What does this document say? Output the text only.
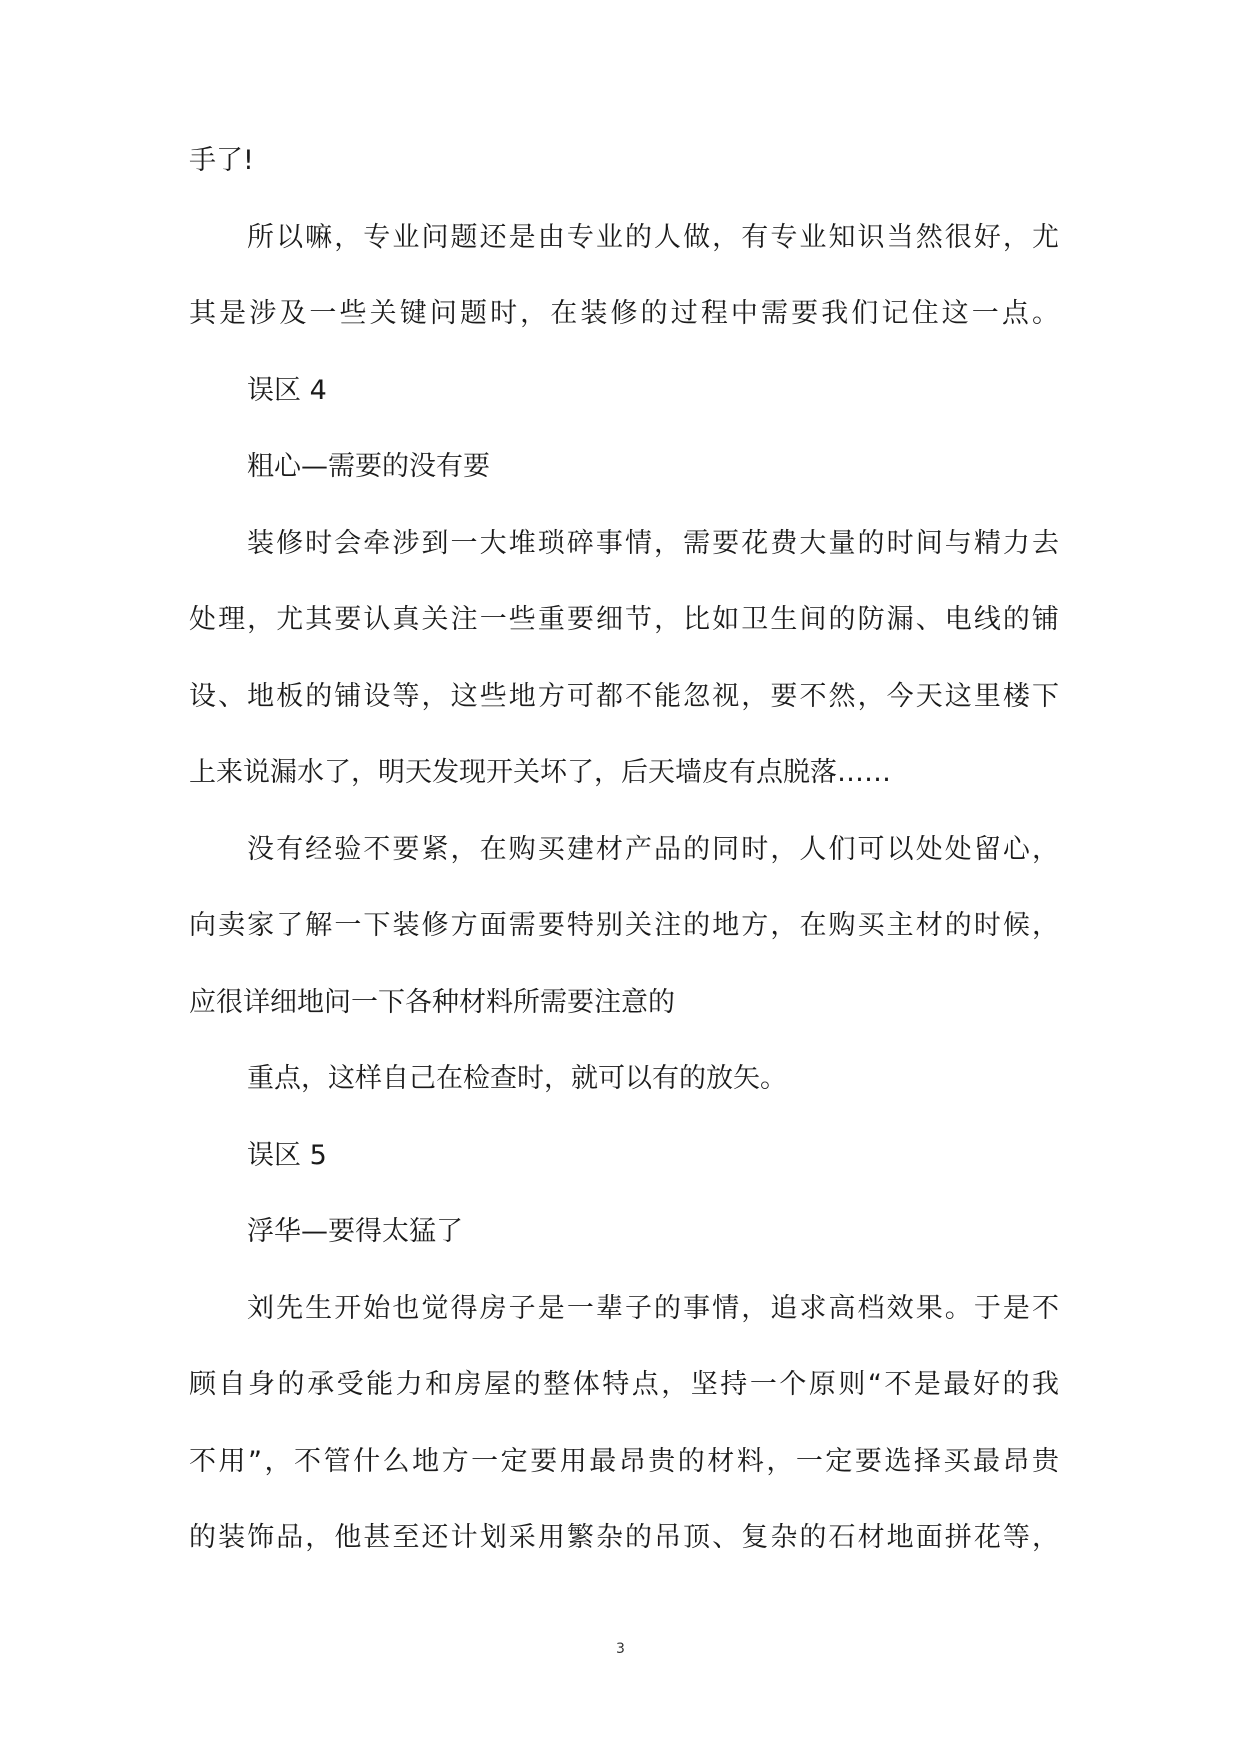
手了!
所以嘛，专业问题还是由专业的人做，有专业知识当然很好，尤
其是涉及一些关键问题时，在装修的过程中需要我们记住这一点。
误区 4
粗心—需要的没有要
装修时会牵涉到一大堆琐碎事情，需要花费大量的时间与精力去
处理，尤其要认真关注一些重要细节，比如卫生间的防漏、电线的铺
设、地板的铺设等，这些地方可都不能忽视，要不然，今天这里楼下
上来说漏水了，明天发现开关坏了，后天墙皮有点脱落……
没有经验不要紧，在购买建材产品的同时，人们可以处处留心，
向卖家了解一下装修方面需要特别关注的地方，在购买主材的时候，
应很详细地问一下各种材料所需要注意的
重点，这样自己在检查时，就可以有的放矢。
误区 5
浮华—要得太猛了
刘先生开始也觉得房子是一辈子的事情，追求高档效果。于是不
顾自身的承受能力和房屋的整体特点，坚持一个原则“不是最好的我
不用”，不管什么地方一定要用最昂贵的材料，一定要选择买最昂贵
的装饰品，他甚至还计划采用繁杂的吊顶、复杂的石材地面拼花等，
3
